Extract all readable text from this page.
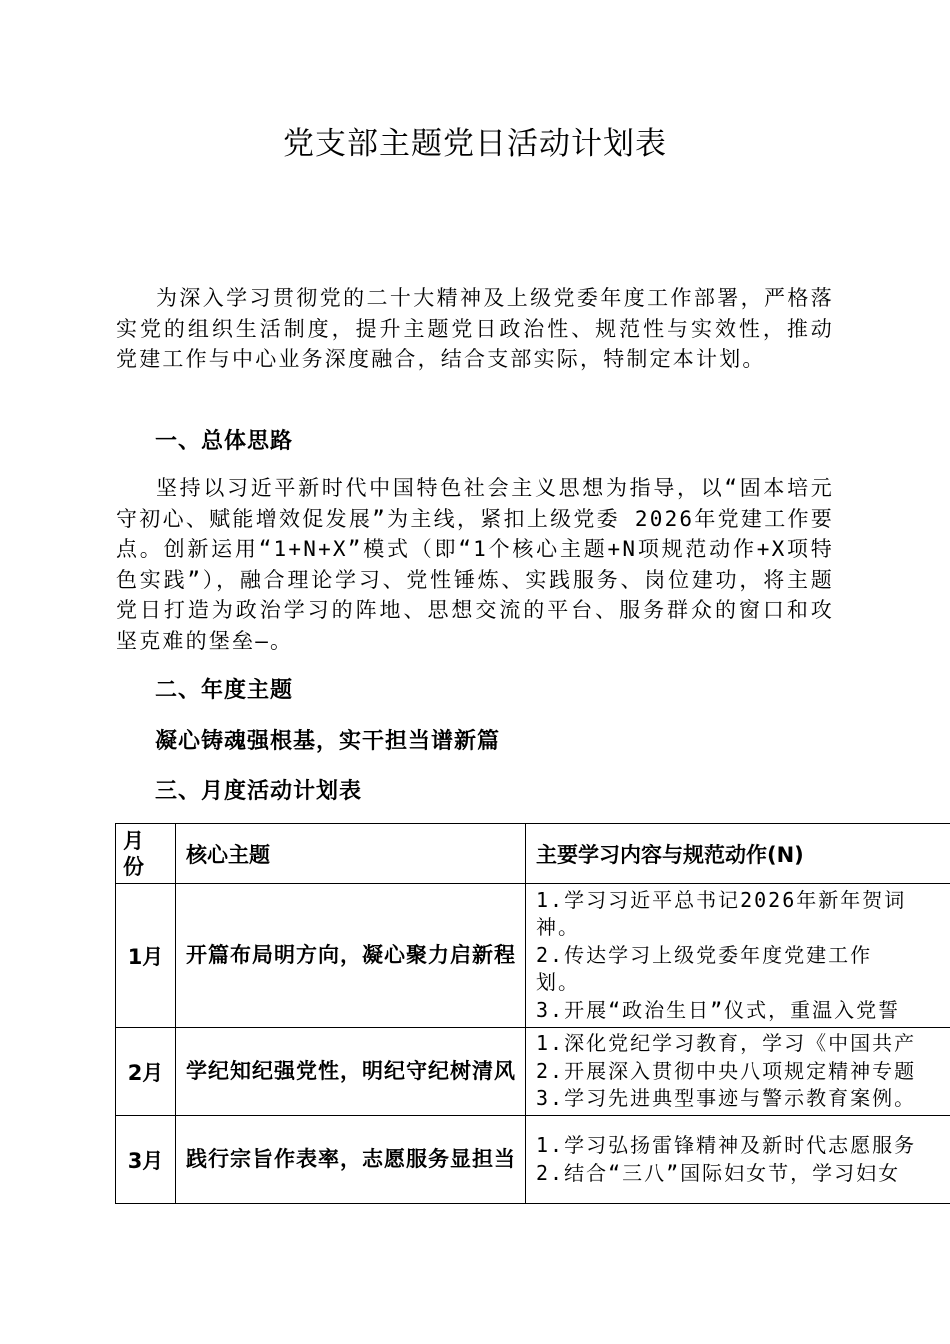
党支部主题党日活动计划表
为深入学习贯彻党的二十大精神及上级党委年度工作部署，严格落实党的组织生活制度，提升主题党日政治性、规范性与实效性，推动党建工作与中心业务深度融合，结合支部实际，特制定本计划。
一、总体思路
坚持以习近平新时代中国特色社会主义思想为指导，以“固本培元守初心、赋能增效促发展”为主线，紧扣上级党委 2026年党建工作要点。创新运用“1+N+X”模式（即“1个核心主题+N项规范动作+X项特色实践”），融合理论学习、党性锤炼、实践服务、岗位建功，将主题党日打造为政治学习的阵地、思想交流的平台、服务群众的窗口和攻坚克难的堡垒–。
二、年度主题
凝心铸魂强根基，实干担当谱新篇
三、月度活动计划表
月份	核心主题	主要学习内容与规范动作(N)
1月	开篇布局明方向，凝心聚力启新程	1.学习习近平总书记2026年新年贺词
神。
2.传达学习上级党委年度党建工作
划。
3.开展“政治生日”仪式，重温入党誓

2月	学纪知纪强党性，明纪守纪树清风	1.深化党纪学习教育，学习《中国共产
2.开展深入贯彻中央八项规定精神专题
3.学习先进典型事迹与警示教育案例。

3月	践行宗旨作表率，志愿服务显担当	1.学习弘扬雷锋精神及新时代志愿服务
2.结合“三八”国际妇女节，学习妇女
